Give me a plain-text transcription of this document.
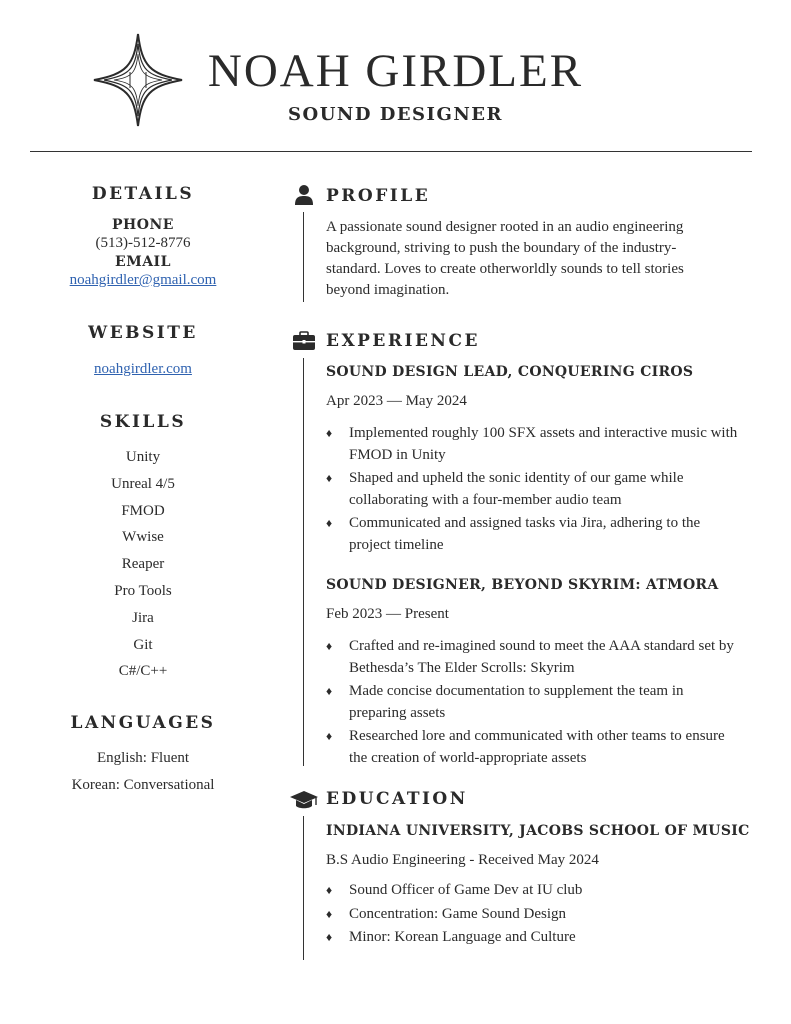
NOAH GIRDLER
SOUND DESIGNER
DETAILS

PHONE

(513)-512-8776

EMAIL

noahgirdler@gmail.com

WEBSITE

noahgirdler.com

SKILLS
Unity
Unreal 4/5
FMOD
Wwise
Reaper
Pro Tools
Jira
Git
C#/C++
LANGUAGES
English: Fluent
Korean: Conversational
PROFILE
A passionate sound designer rooted in an audio engineering background, striving to push the boundary of the industry-standard. Loves to create otherworldly sounds to tell stories beyond imagination.
EXPERIENCE
SOUND DESIGN LEAD, CONQUERING CIROS
Apr 2023 — May 2024
♦ Implemented roughly 100 SFX assets and interactive music with FMOD in Unity
♦ Shaped and upheld the sonic identity of our game while collaborating with a four-member audio team
♦ Communicated and assigned tasks via Jira, adhering to the project timeline
SOUND DESIGNER, BEYOND SKYRIM: ATMORA
Feb 2023 — Present
♦ Crafted and re-imagined sound to meet the AAA standard set by Bethesda’s The Elder Scrolls: Skyrim
♦ Made concise documentation to supplement the team in preparing assets
♦ Researched lore and communicated with other teams to ensure the creation of world-appropriate assets
EDUCATION
INDIANA UNIVERSITY, JACOBS SCHOOL OF MUSIC
B.S Audio Engineering - Received May 2024
♦ Sound Officer of Game Dev at IU club
♦ Concentration: Game Sound Design
♦ Minor: Korean Language and Culture
